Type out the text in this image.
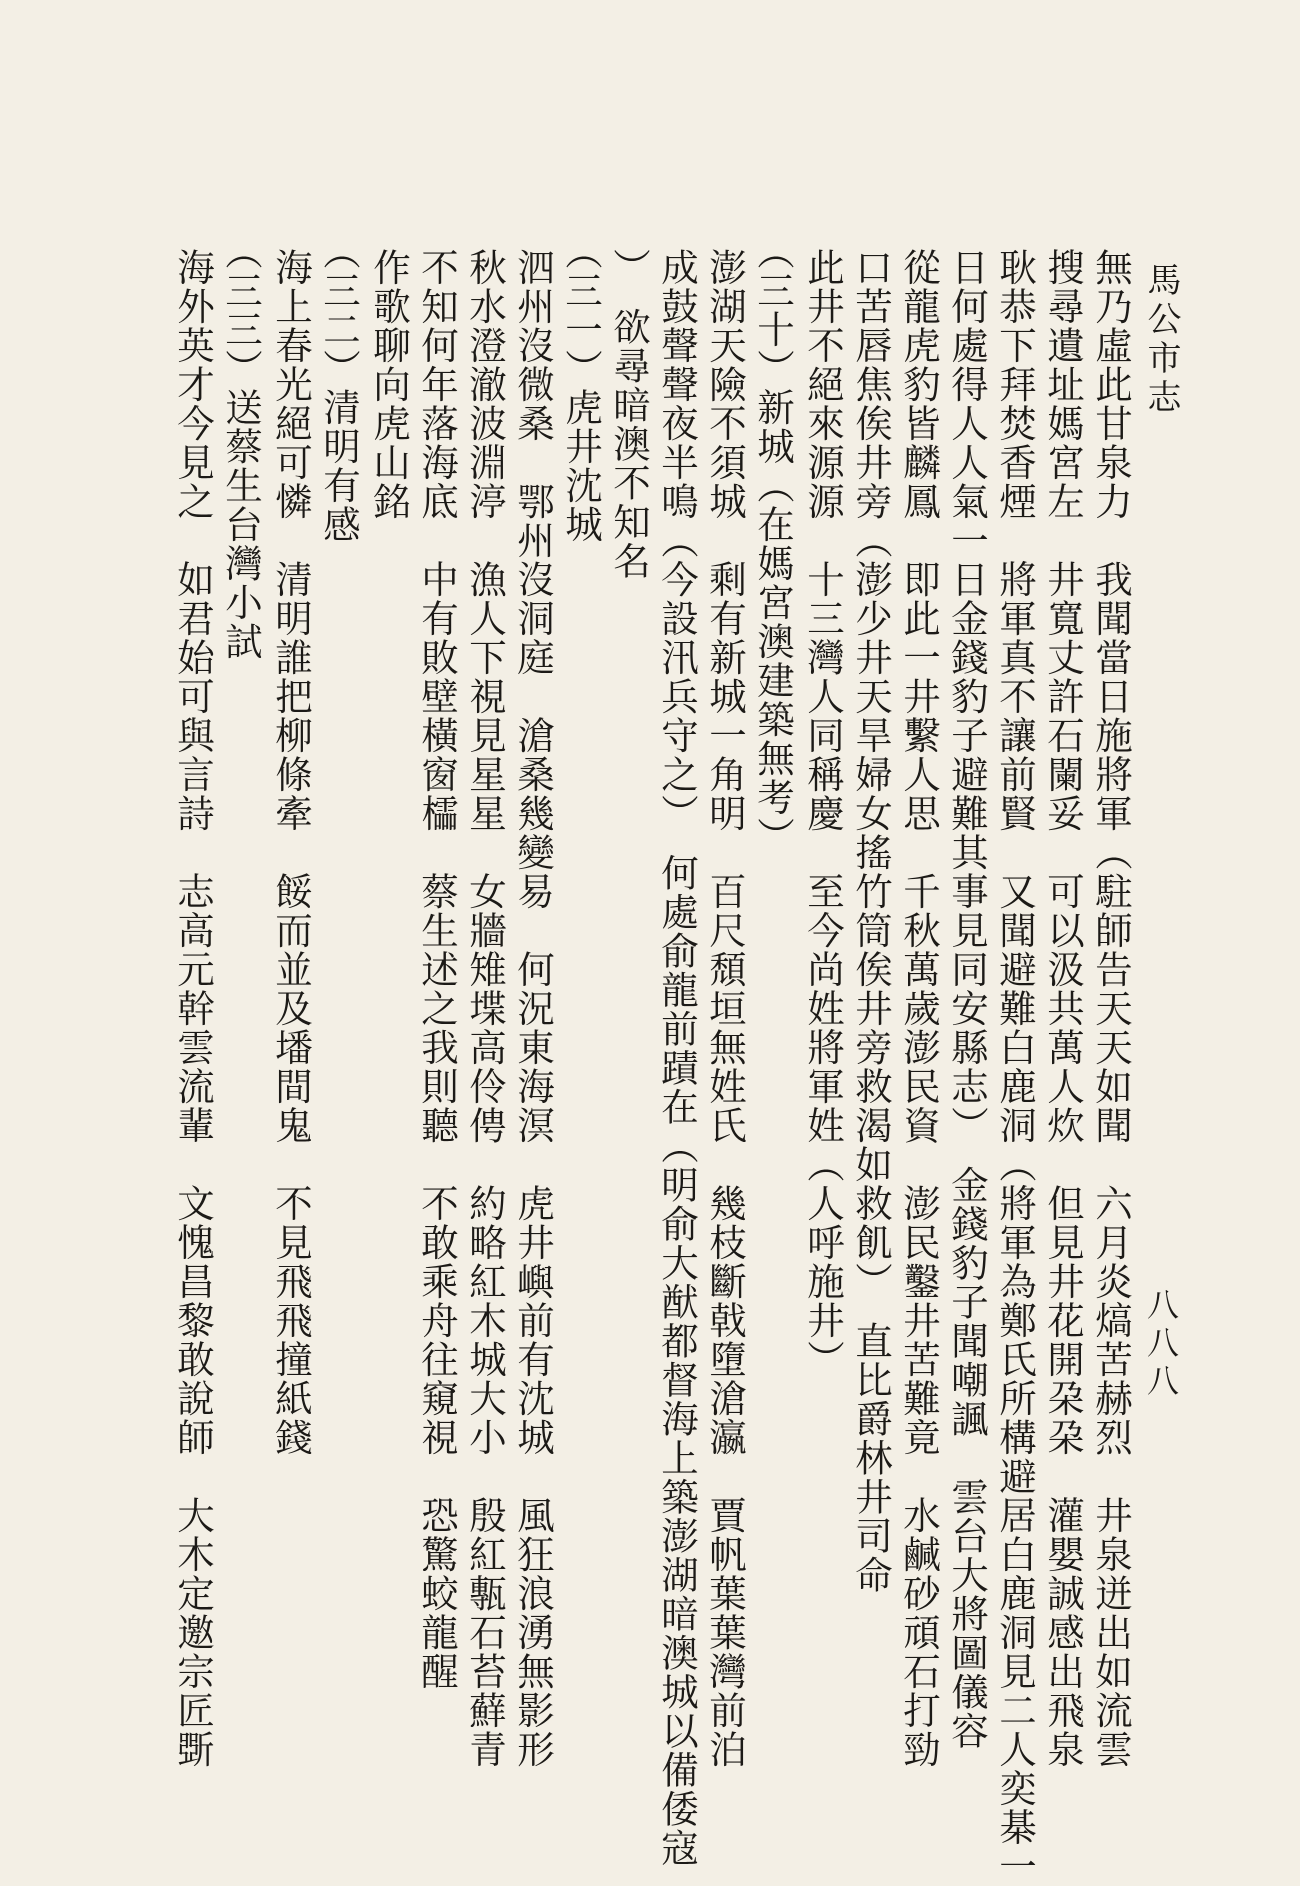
馬公市志
八八八
無乃虛此甘泉力　我聞當日施將軍（駐師告天天如聞　六月炎熇苦赫烈　井泉迸出如流雲
搜尋遺址媽宮左　井寬丈許石闌妥　可以汲共萬人炊　但見井花開朶朶　灌嬰誠感出飛泉
耿恭下拜焚香煙　將軍真不讓前賢　又聞避難白鹿洞（將軍為鄭氏所構避居白鹿洞見二人奕棊一
日何處得人人氣一日金錢豹子避難其事見同安縣志）　金錢豹子聞嘲諷　雲台大將圖儀容
從龍虎豹皆麟鳳　即此一井繫人思　千秋萬歲澎民資　澎民鑿井苦難竟　水鹹砂頑石打勁
口苦唇焦俟井旁（澎少井天旱婦女搖竹筒俟井旁救渴如救飢）　直比爵林井司命
此井不絕來源源　十三灣人同稱慶　至今尚姓將軍姓（人呼施井）
（三十）新城（在媽宮澳建築無考）
澎湖天險不須城　剩有新城一角明　百尺頹垣無姓氏　幾枝斷戟墮滄瀛　賈帆葉葉灣前泊
成鼓聲聲夜半鳴（今設汛兵守之）　何處俞龍前蹟在（明俞大猷都督海上築澎湖暗澳城以備倭寇
）　欲尋暗澳不知名
（三一）虎井沈城
泗州沒微桑　鄂州沒洞庭　滄桑幾變易　何況東海溟　虎井嶼前有沈城　風狂浪湧無影形
秋水澄澈波淵渟　漁人下視見星星　女牆雉堞高伶俜　約略紅木城大小　殷紅甎石苔蘚青
不知何年落海底　中有敗壁橫窗櫺　蔡生述之我則聽　不敢乘舟往窺視　恐驚蛟龍醒
作歌聊向虎山銘
（三二）清明有感
海上春光絕可憐　清明誰把柳條牽　餒而並及墦間鬼　不見飛飛撞紙錢
（三三）送蔡生台灣小試
海外英才今見之　如君始可與言詩　志高元幹雲流輩　文愧昌黎敢說師　大木定邀宗匠斲
